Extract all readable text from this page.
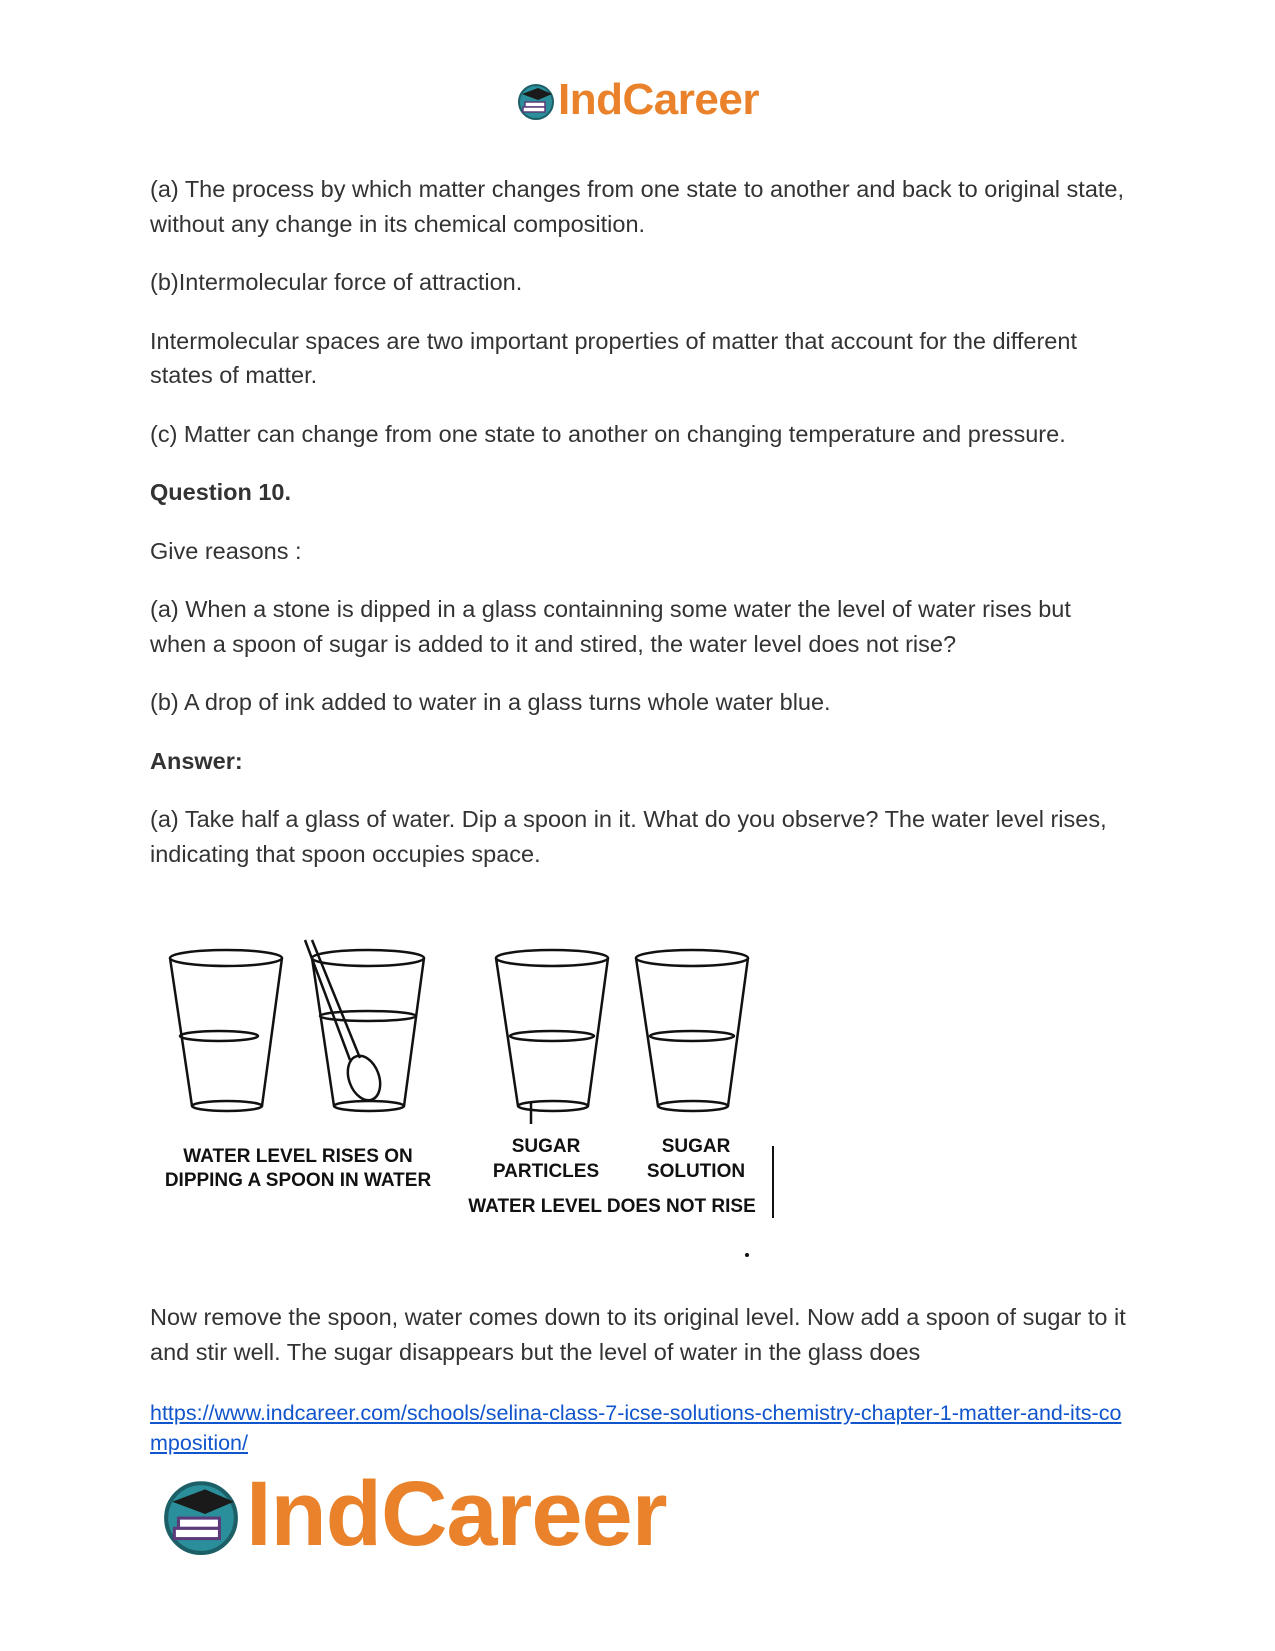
IndCareer

(a) The process by which matter changes from one state to another and back to original state, without any change in its chemical composition.

(b)Intermolecular force of attraction.

Intermolecular spaces are two important properties of matter that account for the different states of matter.

(c) Matter can change from one state to another on changing temperature and pressure.

Question 10.

Give reasons :

(a) When a stone is dipped in a glass containning some water the level of water rises but when a spoon of sugar is added to it and stired, the water level does not rise?

(b) A drop of ink added to water in a glass turns whole water blue.

Answer:

(a) Take half a glass of water. Dip a spoon in it. What do you observe? The water level rises, indicating that spoon occupies space.

WATER LEVEL RISES ON
DIPPING A SPOON IN WATER
SUGAR
PARTICLES
SUGAR
SOLUTION
WATER LEVEL DOES NOT RISE

Now remove the spoon, water comes down to its original level. Now add a spoon of sugar to it and stir well. The sugar disappears but the level of water in the glass does

https://www.indcareer.com/schools/selina-class-7-icse-solutions-chemistry-chapter-1-matter-and-its-composition/
IndCareer
